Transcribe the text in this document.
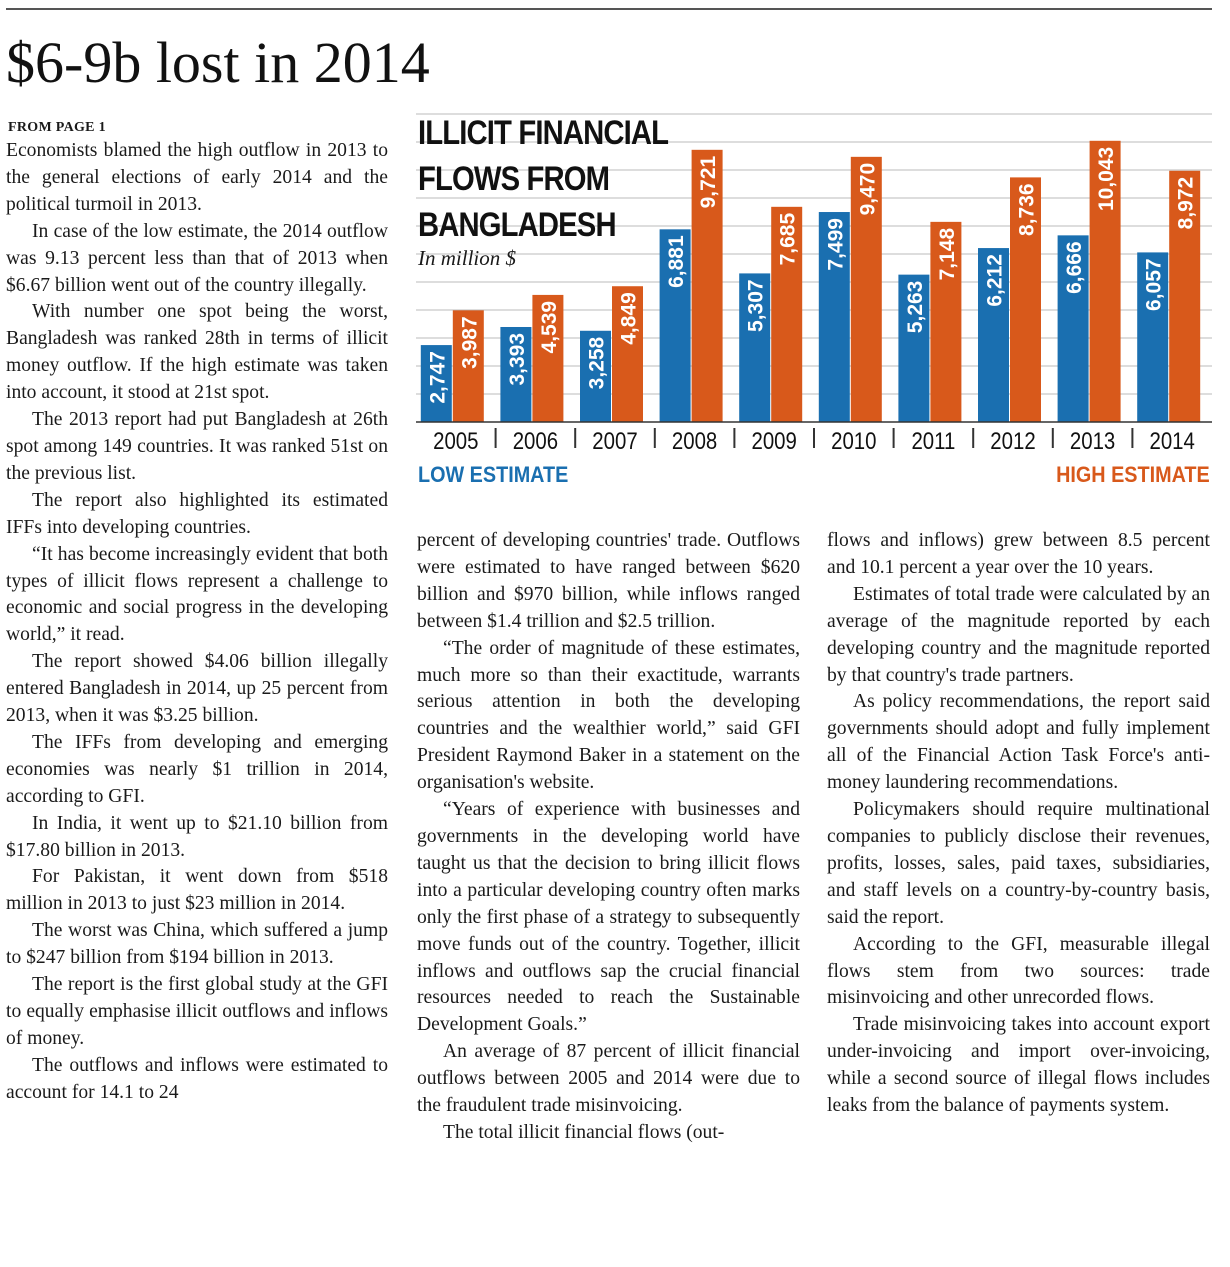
$6-9b lost in 2014
FROM PAGE 1

Economists blamed the high outflow in 2013 to the general elections of early 2014 and the political turmoil in 2013.

In case of the low estimate, the 2014 outflow was 9.13 percent less than that of 2013 when $6.67 billion went out of the country illegally.

With number one spot being the worst, Bangladesh was ranked 28th in terms of illicit money outflow. If the high estimate was taken into account, it stood at 21st spot.

The 2013 report had put Bangladesh at 26th spot among 149 countries. It was ranked 51st on the previous list.

The report also highlighted its estimated IFFs into developing countries.

“It has become increasingly evident that both types of illicit flows represent a challenge to economic and social progress in the developing world,” it read.

The report showed $4.06 billion illegally entered Bangladesh in 2014, up 25 percent from 2013, when it was $3.25 billion.

The IFFs from developing and emerging economies was nearly $1 trillion in 2014, according to GFI.

In India, it went up to $21.10 billion from $17.80 billion in 2013.

For Pakistan, it went down from $518 million in 2013 to just $23 million in 2014.

The worst was China, which suffered a jump to $247 billion from $194 billion in 2013.

The report is the first global study at the GFI to equally emphasise illicit outflows and inflows of money.

The outflows and inflows were estimated to account for 14.1 to 24

2,747
3,987
2005
3,393
4,539
2006
3,258
4,849
2007
6,881
9,721
2008
5,307
7,685
2009
7,499
9,470
2010
5,263
7,148
2011
6,212
8,736
2012
6,666
10,043
2013
6,057
8,972
2014
ILLICIT FINANCIAL
FLOWS FROM
BANGLADESH
In million $
LOW ESTIMATE	HIGH ESTIMATE

percent of developing countries' trade. Outflows were estimated to have ranged between $620 billion and $970 billion, while inflows ranged between $1.4 trillion and $2.5 trillion.

“The order of magnitude of these estimates, much more so than their exactitude, warrants serious attention in both the developing countries and the wealthier world,” said GFI President Raymond Baker in a statement on the organisation's website.

“Years of experience with businesses and governments in the developing world have taught us that the decision to bring illicit flows into a particular developing country often marks only the first phase of a strategy to subsequently move funds out of the country. Together, illicit inflows and outflows sap the crucial financial resources needed to reach the Sustainable Development Goals.”

An average of 87 percent of illicit financial outflows between 2005 and 2014 were due to the fraudulent trade misinvoicing.

The total illicit financial flows (out-

flows and inflows) grew between 8.5 percent and 10.1 percent a year over the 10 years.

Estimates of total trade were calculated by an average of the magnitude reported by each developing country and the magnitude reported by that country's trade partners.

As policy recommendations, the report said governments should adopt and fully implement all of the Financial Action Task Force's anti-money laundering recommendations.

Policymakers should require multinational companies to publicly disclose their revenues, profits, losses, sales, paid taxes, subsidiaries, and staff levels on a country-by-country basis, said the report.

According to the GFI, measurable illegal flows stem from two sources: trade misinvoicing and other unrecorded flows.

Trade misinvoicing takes into account export under-invoicing and import over-invoicing, while a second source of illegal flows includes leaks from the balance of payments system.
